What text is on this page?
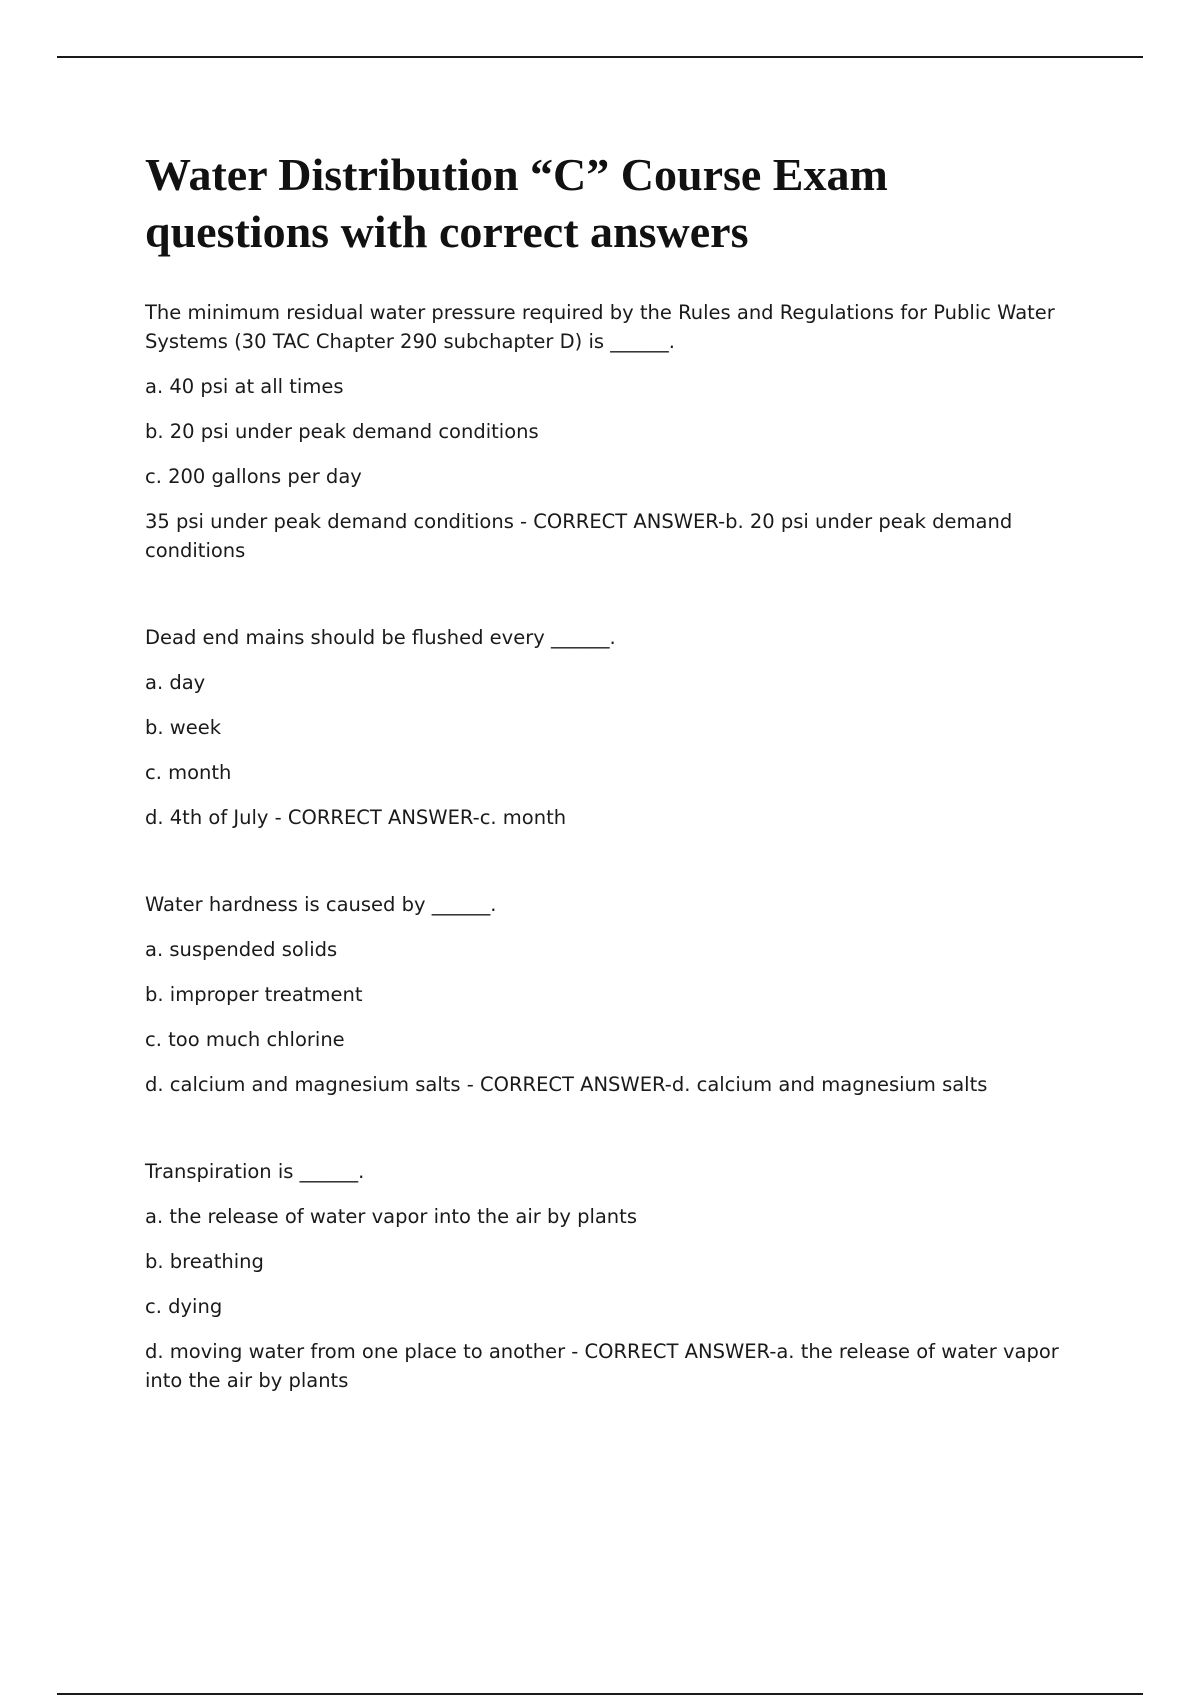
Water Distribution “C” Course Exam questions with correct answers

The minimum residual water pressure required by the Rules and Regulations for Public Water Systems (30 TAC Chapter 290 subchapter D) is ______.

a. 40 psi at all times

b. 20 psi under peak demand conditions

c. 200 gallons per day

35 psi under peak demand conditions - CORRECT ANSWER-b. 20 psi under peak demand conditions

Dead end mains should be flushed every ______.

a. day

b. week

c. month

d. 4th of July - CORRECT ANSWER-c. month

Water hardness is caused by ______.

a. suspended solids

b. improper treatment

c. too much chlorine

d. calcium and magnesium salts - CORRECT ANSWER-d. calcium and magnesium salts

Transpiration is ______.

a. the release of water vapor into the air by plants

b. breathing

c. dying

d. moving water from one place to another - CORRECT ANSWER-a. the release of water vapor into the air by plants
